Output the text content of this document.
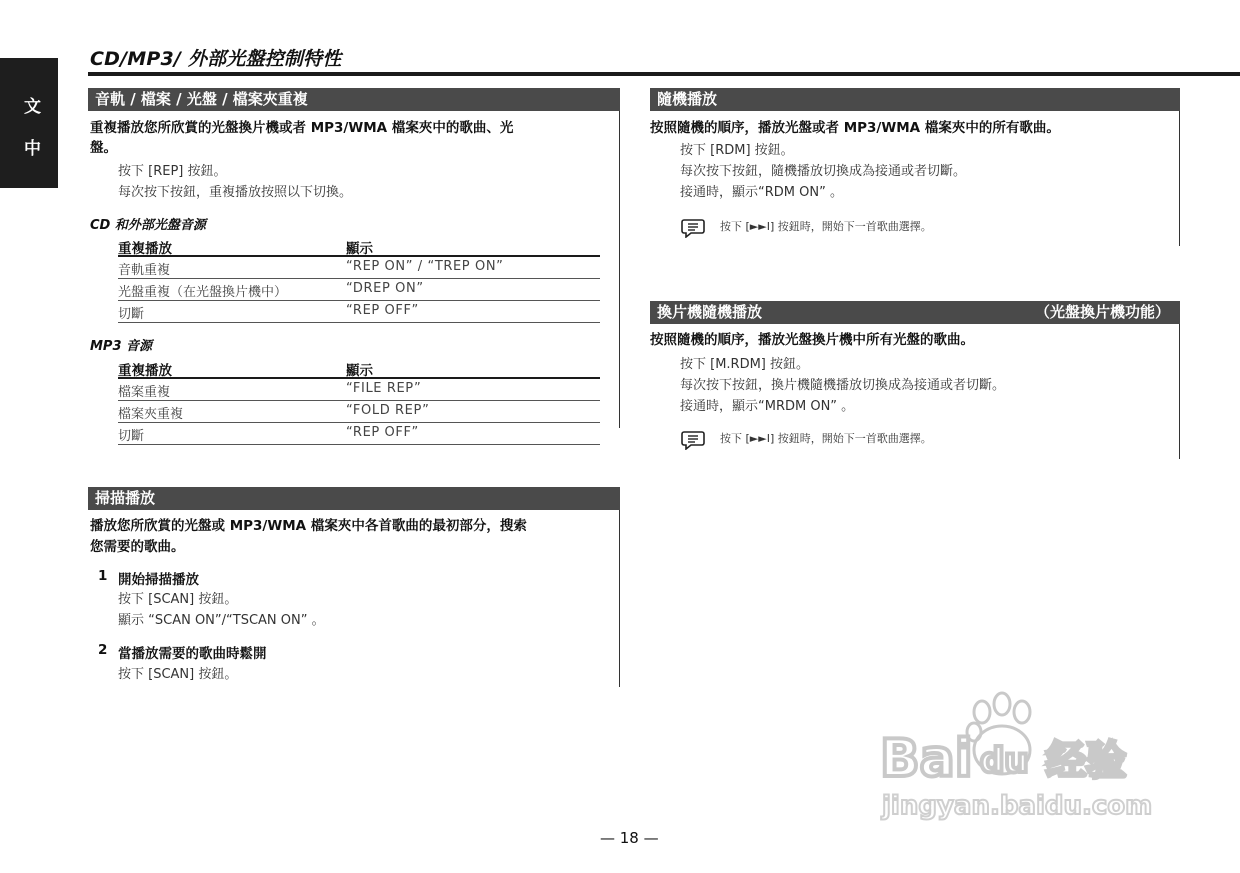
CD/MP3/ 外部光盤控制特性
文
中
音軌 / 檔案 / 光盤 / 檔案夾重複
重複播放您所欣賞的光盤換片機或者 MP3/WMA 檔案夾中的歌曲、光
盤。
按下 [REP] 按鈕。
每次按下按鈕，重複播放按照以下切換。
CD 和外部光盤音源
重複播放	顯示
音軌重複	“REP ON” / “TREP ON”
光盤重複（在光盤換片機中）	“DREP ON”
切斷	“REP OFF”
MP3 音源
重複播放	顯示
檔案重複	“FILE REP”
檔案夾重複	“FOLD REP”
切斷	“REP OFF”
掃描播放
播放您所欣賞的光盤或 MP3/WMA 檔案夾中各首歌曲的最初部分，搜索
您需要的歌曲。
1 開始掃描播放
按下 [SCAN] 按鈕。
顯示 “SCAN ON”/“TSCAN ON” 。
2 當播放需要的歌曲時鬆開
按下 [SCAN] 按鈕。
隨機播放
按照隨機的順序，播放光盤或者 MP3/WMA 檔案夾中的所有歌曲。
按下 [RDM] 按鈕。
每次按下按鈕，隨機播放切換成為接通或者切斷。
接通時，顯示“RDM ON” 。
按下 [►►I] 按鈕時，開始下一首歌曲選擇。
換片機隨機播放	（光盤換片機功能）
按照隨機的順序，播放光盤換片機中所有光盤的歌曲。
按下 [M.RDM] 按鈕。
每次按下按鈕，換片機隨機播放切換成為接通或者切斷。
接通時，顯示“MRDM ON” 。
按下 [►►I] 按鈕時，開始下一首歌曲選擇。
— 18 —
Bai du 经验
jingyan.baidu.com
